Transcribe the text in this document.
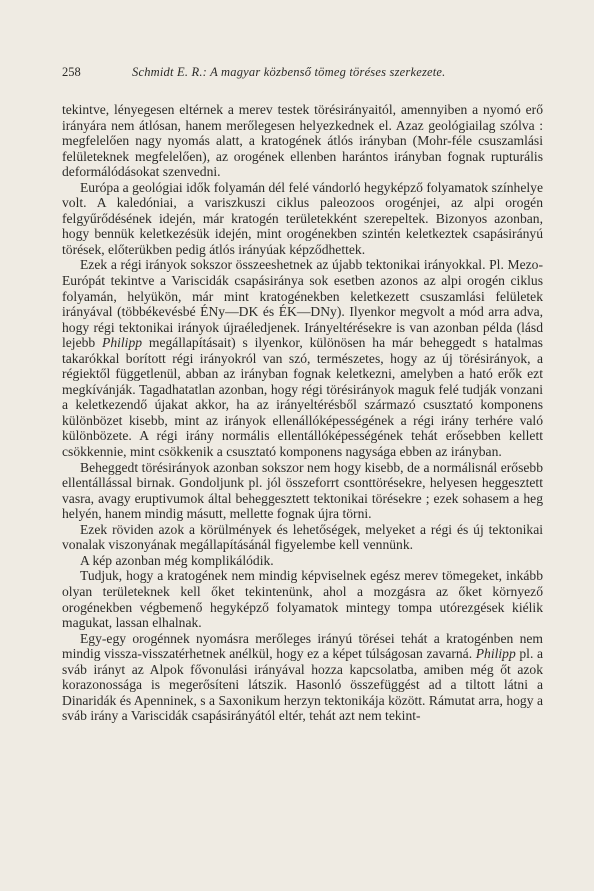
258	Schmidt E. R.: A magyar közbenső tömeg töréses szerkezete.

tekintve, lényegesen eltérnek a merev testek törésirányaitól, amennyiben a nyomó erő irányára nem átlósan, hanem merőlegesen helyezkednek el. Azaz geológiailag szólva : megfelelően nagy nyomás alatt, a kratogének átlós irányban (Mohr-féle csuszamlási felületeknek megfelelően), az orogének ellenben harántos irányban fognak rupturális deformálódásokat szenvedni.

Európa a geológiai idők folyamán dél felé vándorló hegyképző folyamatok színhelye volt. A kaledóniai, a variszkuszi ciklus paleozoos orogénjei, az alpi orogén felgyűrődésének idején, már kratogén területekként szerepeltek. Bizonyos azonban, hogy bennük keletkezésük idején, mint orogénekben szintén keletkeztek csapásirányú törések, előterükben pedig átlós irányúak képződhettek.

Ezek a régi irányok sokszor összeeshetnek az újabb tektonikai irányokkal. Pl. Mezo-Európát tekintve a Variscidák csapásiránya sok esetben azonos az alpi orogén ciklus folyamán, helyükön, már mint kratogénekben keletkezett csuszamlási felületek irányával (többékevésbé ÉNy—DK és ÉK—DNy). Ilyenkor megvolt a mód arra adva, hogy régi tektonikai irányok újraéledjenek. Irányeltérésekre is van azonban példa (lásd lejebb Philipp megállapításait) s ilyenkor, különösen ha már beheggedt s hatalmas takarókkal borított régi irányokról van szó, természetes, hogy az új törésirányok, a régiektől függetlenül, abban az irányban fognak keletkezni, amelyben a ható erők ezt megkívánják. Tagadhatatlan azonban, hogy régi törésirányok maguk felé tudják vonzani a keletkezendő újakat akkor, ha az irányeltérésből származó csusztató komponens különbözet kisebb, mint az irányok ellenállóképességének a régi irány terhére való különbözete. A régi irány normális ellentállóképességének tehát erősebben kellett csökkennie, mint csökkenik a csusztató komponens nagysága ebben az irányban.

Beheggedt törésirányok azonban sokszor nem hogy kisebb, de a normálisnál erősebb ellentállással birnak. Gondoljunk pl. jól összeforrt csonttörésekre, helyesen heggesztett vasra, avagy eruptivumok által beheggesztett tektonikai törésekre ; ezek sohasem a heg helyén, hanem mindig másutt, mellette fognak újra törni.

Ezek röviden azok a körülmények és lehetőségek, melyeket a régi és új tektonikai vonalak viszonyának megállapításánál figyelembe kell vennünk.

A kép azonban még komplikálódik.

Tudjuk, hogy a kratogének nem mindig képviselnek egész merev tömegeket, inkább olyan területeknek kell őket tekintenünk, ahol a mozgásra az őket környező orogénekben végbemenő hegyképző folyamatok mintegy tompa utórezgések kiélik magukat, lassan elhalnak.

Egy-egy orogénnek nyomásra merőleges irányú törései tehát a kratogénben nem mindig vissza-visszatérhetnek anélkül, hogy ez a képet túlságosan zavarná. Philipp pl. a sváb irányt az Alpok fővonulási irányával hozza kapcsolatba, amiben még őt azok korazonossága is megerősíteni látszik. Hasonló összefüggést ad a tiltott látni a Dinaridák és Apenninek, s a Saxonikum herzyn tektonikája között. Rámutat arra, hogy a sváb irány a Variscidák csapásirányától eltér, tehát azt nem tekint-
